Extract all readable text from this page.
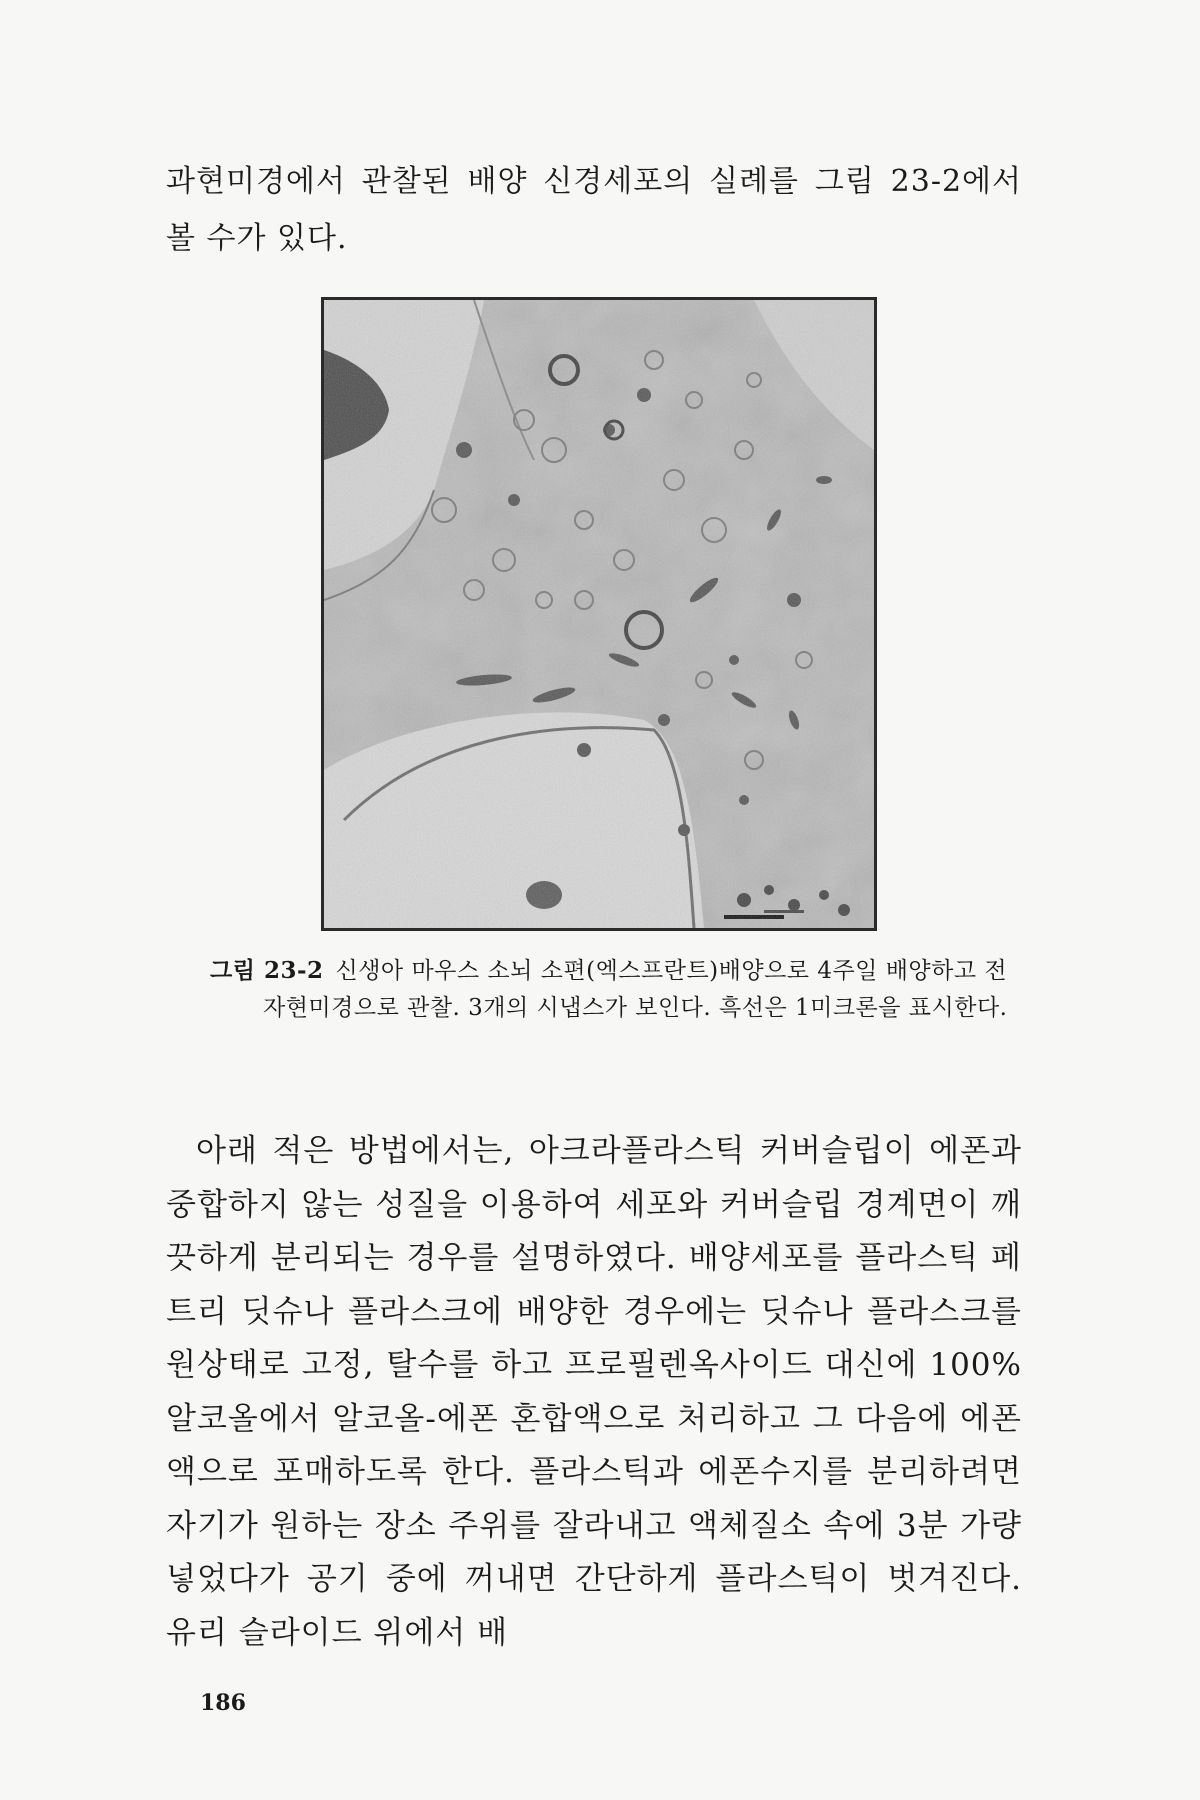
과현미경에서 관찰된 배양 신경세포의 실례를 그림 23-2에서 볼 수가 있다.

그림 23-2 신생아 마우스 소뇌 소편(엑스프란트)배양으로 4주일 배양하고 전자현미경으로 관찰. 3개의 시냅스가 보인다. 흑선은 1미크론을 표시한다.

아래 적은 방법에서는, 아크라플라스틱 커버슬립이 에폰과 중합하지 않는 성질을 이용하여 세포와 커버슬립 경계면이 깨끗하게 분리되는 경우를 설명하였다. 배양세포를 플라스틱 페트리 딧슈나 플라스크에 배양한 경우에는 딧슈나 플라스크를 원상태로 고정, 탈수를 하고 프로필렌옥사이드 대신에 100% 알코올에서 알코올-에폰 혼합액으로 처리하고 그 다음에 에폰액으로 포매하도록 한다. 플라스틱과 에폰수지를 분리하려면 자기가 원하는 장소 주위를 잘라내고 액체질소 속에 3분 가량 넣었다가 공기 중에 꺼내면 간단하게 플라스틱이 벗겨진다. 유리 슬라이드 위에서 배

186
